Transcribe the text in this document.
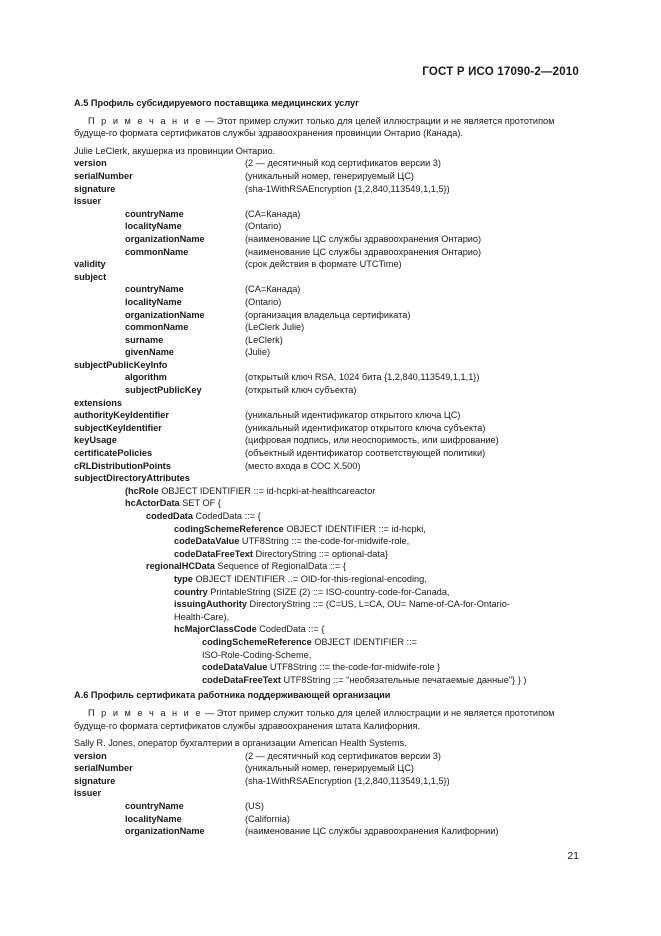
ГОСТ Р ИСО 17090-2—2010
А.5 Профиль субсидируемого поставщика медицинских услуг
П р и м е ч а н и е — Этот пример служит только для целей иллюстрации и не является прототипом будуще-го формата сертификатов службы здравоохранения провинции Онтарио (Канада).
Julie LeClerk, акушерка из провинции Онтарио.
version	(2 — десятичный код сертификатов версии 3)
serialNumber	(уникальный номер, генерируемый ЦС)
signature	(sha-1WithRSAEncryption {1,2,840,113549,1,1,5})
issuer
countryName	(CA=Канада)
localityName	(Ontario)
organizationName	(наименование ЦС службы здравоохранения Онтарио)
commonName	(наименование ЦС службы здравоохранения Онтарио)
validity	(срок действия в формате UTCTime)
subject
countryName	(CA=Канада)
localityName	(Ontario)
organizationName	(организация владельца сертификата)
commonName	(LeClerk Julie)
surname	(LeClerk)
givenName	(Julie)
subjectPublicKeyInfo
algorithm	(открытый ключ RSA, 1024 бита {1,2,840,113549,1,1,1})
subjectPublicKey	(открытый ключ субъекта)
extensions
authorityKeyIdentifier	(уникальный идентификатор открытого ключа ЦС)
subjectKeyIdentifier	(уникальный идентификатор открытого ключа субъекта)
keyUsage	(цифровая подпись, или неоспоримость, или шифрование)
certificatePolicies	(объектный идентификатор соответствующей политики)
cRLDistributionPoints	(место входа в СОС X.500)
subjectDirectoryAttributes
(hcRole OBJECT IDENTIFIER ::= id-hcpki-at-healthcareactor
hcActorData SET OF {
codedData CodedData ::= {
codingSchemeReference OBJECT IDENTIFIER ::= id-hcpki,
codeDataValue UTF8String ::= the-code-for-midwife-role,
codeDataFreeText DirectoryString ::= optional-data}
regionalHCData Sequence of RegionalData ::= {
type OBJECT IDENTIFIER ..= OID-for-this-regional-encoding,
country PrintableString (SIZE (2) ::= ISO-country-code-for-Canada,
issuingAuthority DirectoryString ::= (C=US, L=CA, OU= Name-of-CA-for-Ontario-
Health-Care),
hcMajorClassCode CodedData ::= {
codingSchemeReference OBJECT IDENTIFIER ::=
ISO-Role-Coding-Scheme,
codeDataValue UTF8String ::= the-code-for-midwife-role }
codeDataFreeText UTF8String ::= "необязательные печатаемые данные"} } )
А.6 Профиль сертификата работника поддерживающей организации
П р и м е ч а н и е — Этот пример служит только для целей иллюстрации и не является прототипом будуще-го формата сертификатов службы здравоохранения штата Калифорния.
Sally R. Jones, оператор бухгалтерии в организации American Health Systems.
version	(2 — десятичный код сертификатов версии 3)
serialNumber	(уникальный номер, генерируемый ЦС)
signature	(sha-1WithRSAEncryption {1,2,840,113549,1,1,5})
issuer
countryName	(US)
localityName	(California)
organizationName	(наименование ЦС службы здравоохранения Калифорнии)
21
